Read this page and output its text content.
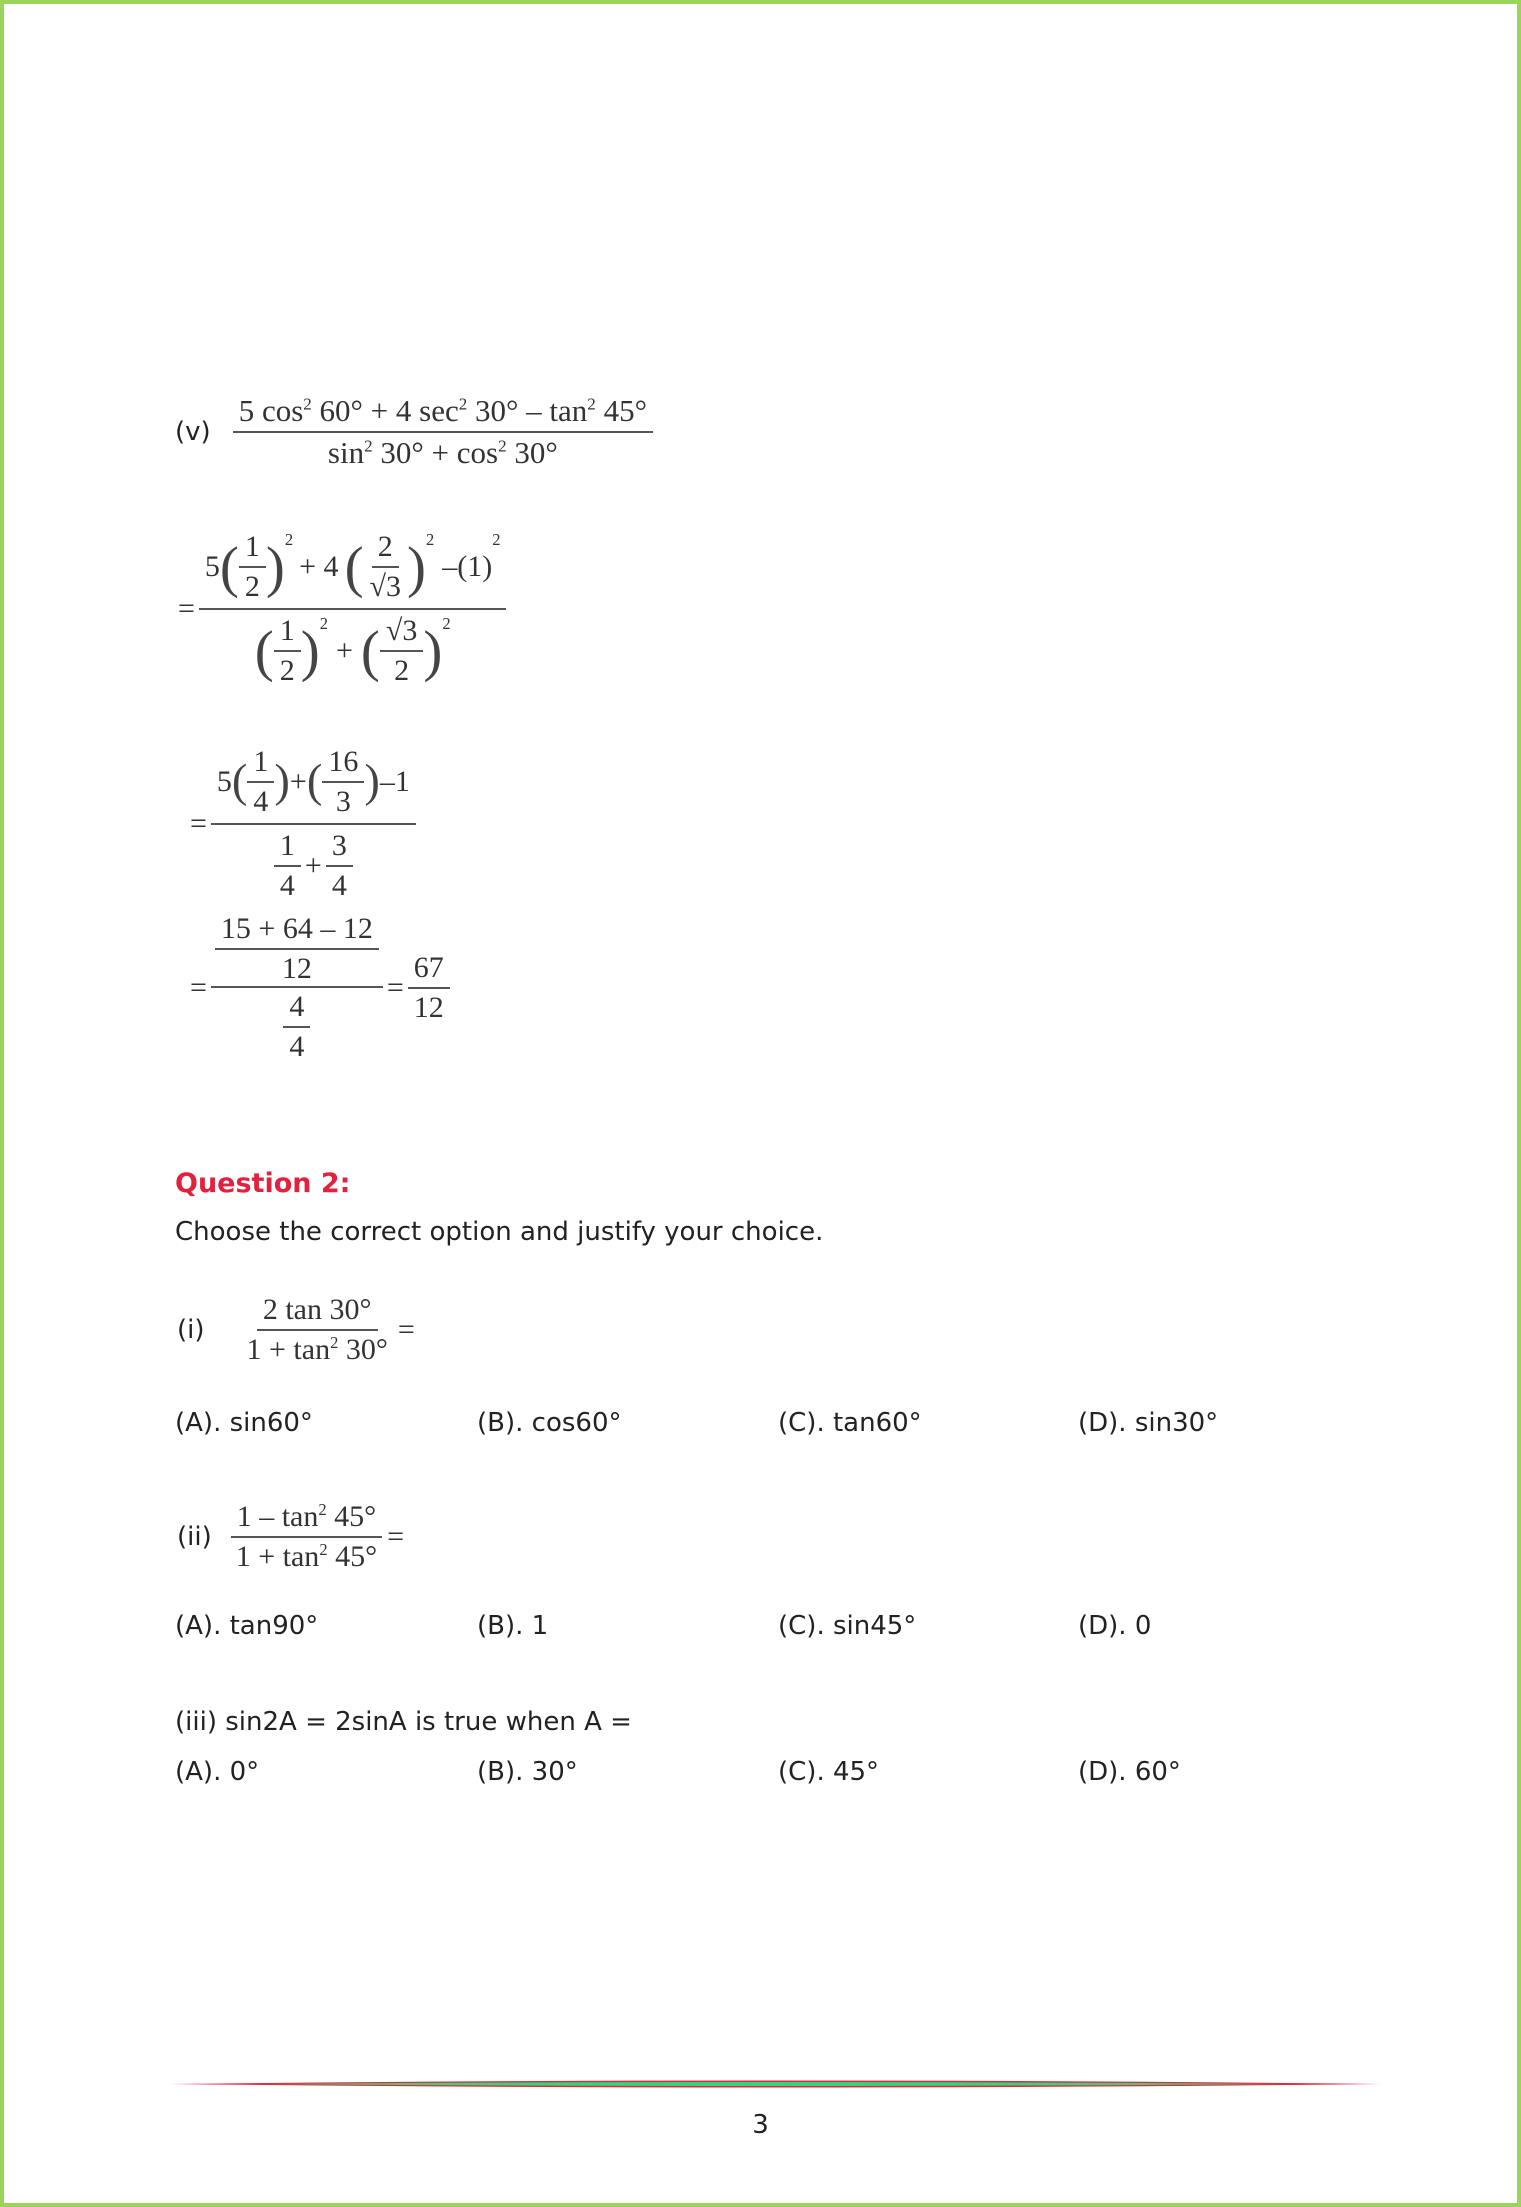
$(v) \frac{5 \cos^2 60^\circ + 4 \sec^2 30^\circ - \tan^2 45^\circ}{\sin^2 30^\circ + \cos^2 30^\circ}$
=
5 ( $\frac{1}{2} )^2$
+ 4 ( $\frac{2}{√3} )^2$
–(1)
2
( $\frac{1}{2} )^2$
+ ( $\frac{√3}{2} )^2$
=
5 ( $\frac{1}{4}$ ) + ( $\frac{16}{3}$ ) –1
$\frac{1}{4} + \frac{3}{4}$
= $\frac{\frac{15 + 64 - 12}{12}}{\frac{4}{4}} = \frac{67}{12}$
Question 2:
Choose the correct option and justify your choice.
$(i) \frac{2 \tan 30^\circ}{1 + \tan^2 30^\circ}$ =
(A). sin60°	(B). cos60°	(C). tan60°	(D). sin30°
$(ii) \frac{1 - \tan^2 45^\circ}{1 + \tan^2 45^\circ}$ =
(A). tan90°	(B). 1	(C). sin45°	(D). 0
(iii) sin2A = 2sinA is true when A =
(A). 0°	(B). 30°	(C). 45°	(D). 60°
3
